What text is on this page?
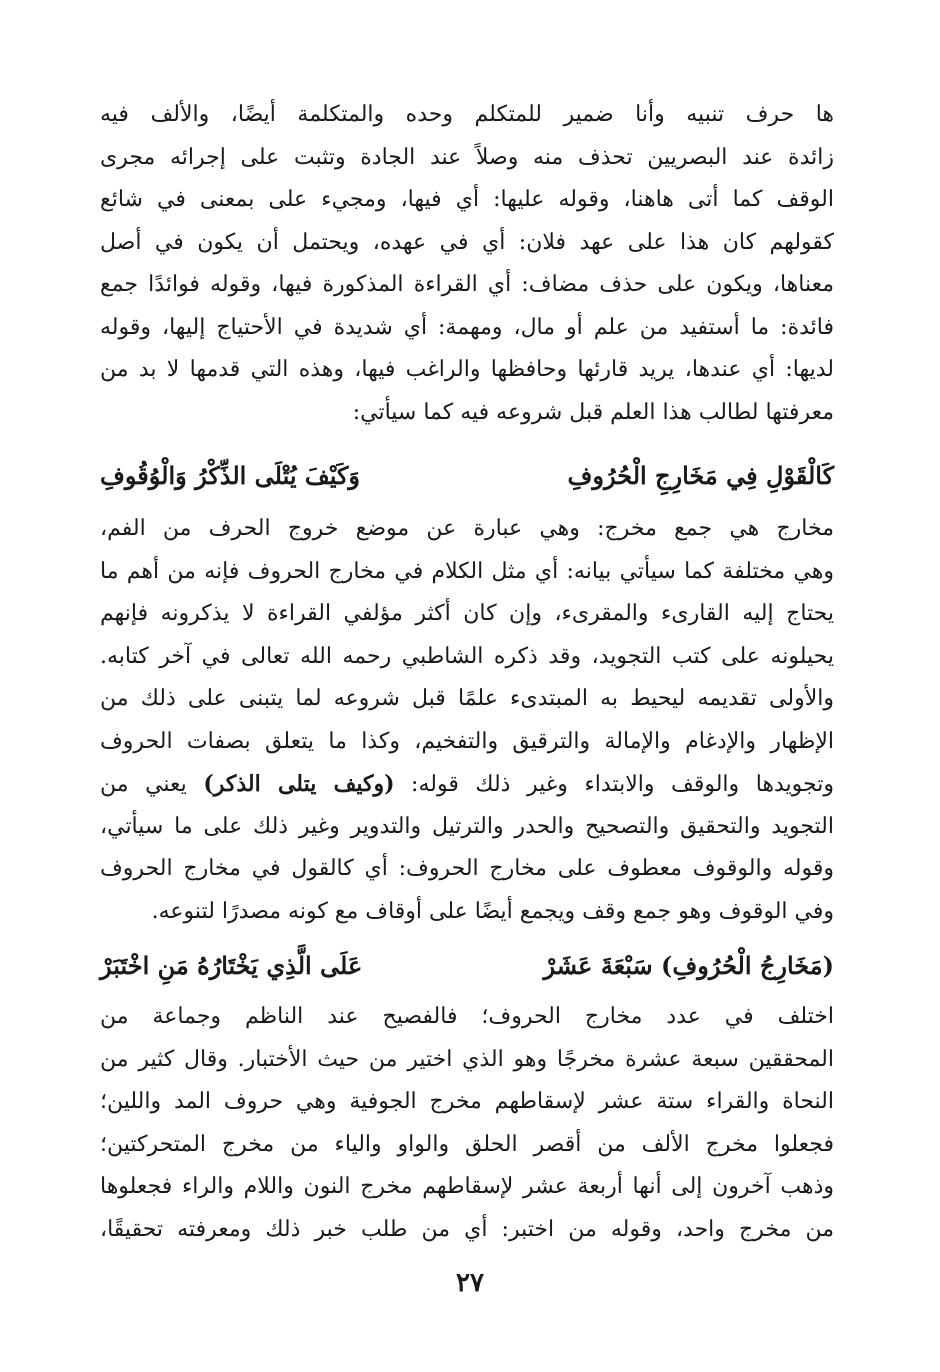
ها حرف تنبيه وأنا ضمير للمتكلم وحده والمتكلمة أيضًا، والألف فيه
زائدة عند البصريين تحذف منه وصلاً عند الجادة وتثبت على إجرائه مجرى
الوقف كما أتى هاهنا، وقوله عليها: أي فيها، ومجيء على بمعنى في شائع
كقولهم كان هذا على عهد فلان: أي في عهده، ويحتمل أن يكون في أصل
معناها، ويكون على حذف مضاف: أي القراءة المذكورة فيها، وقوله فوائدًا جمع
فائدة: ما أستفيد من علم أو مال، ومهمة: أي شديدة في الأحتياج إليها، وقوله
لديها: أي عندها، يريد قارئها وحافظها والراغب فيها، وهذه التي قدمها لا بد من
معرفتها لطالب هذا العلم قبل شروعه فيه كما سيأتي:
كَالْقَوْلِ فِي مَخَارِجِ الْحُرُوفِ
وَكَيْفَ يُتْلَى الذِّكْرُ وَالْوُقُوفِ
مخارج هي جمع مخرج: وهي عبارة عن موضع خروج الحرف من الفم،
وهي مختلفة كما سيأتي بيانه: أي مثل الكلام في مخارج الحروف فإنه من أهم ما
يحتاج إليه القارىء والمقرىء، وإن كان أكثر مؤلفي القراءة لا يذكرونه فإنهم
يحيلونه على كتب التجويد، وقد ذكره الشاطبي رحمه الله تعالى في آخر كتابه.
والأولى تقديمه ليحيط به المبتدىء علمًا قبل شروعه لما يتبنى على ذلك من
الإظهار والإدغام والإمالة والترقيق والتفخيم، وكذا ما يتعلق بصفات الحروف
وتجويدها والوقف والابتداء وغير ذلك قوله: (وكيف يتلى الذكر) يعني من
التجويد والتحقيق والتصحيح والحدر والترتيل والتدوير وغير ذلك على ما سيأتي،
وقوله والوقوف معطوف على مخارج الحروف: أي كالقول في مخارج الحروف
وفي الوقوف وهو جمع وقف ويجمع أيضًا على أوقاف مع كونه مصدرًا لتنوعه.
(مَخَارِجُ الْحُرُوفِ) سَبْعَةَ عَشَرْ
عَلَى الَّذِي يَخْتَارُهُ مَنِ اخْتَبَرْ
اختلف في عدد مخارج الحروف؛ فالفصيح عند الناظم وجماعة من
المحققين سبعة عشرة مخرجًا وهو الذي اختير من حيث الأختبار. وقال كثير من
النحاة والقراء ستة عشر لإسقاطهم مخرج الجوفية وهي حروف المد واللين؛
فجعلوا مخرج الألف من أقصر الحلق والواو والياء من مخرج المتحركتين؛
وذهب آخرون إلى أنها أربعة عشر لإسقاطهم مخرج النون واللام والراء فجعلوها
من مخرج واحد، وقوله من اختبر: أي من طلب خبر ذلك ومعرفته تحقيقًا،
٢٧
